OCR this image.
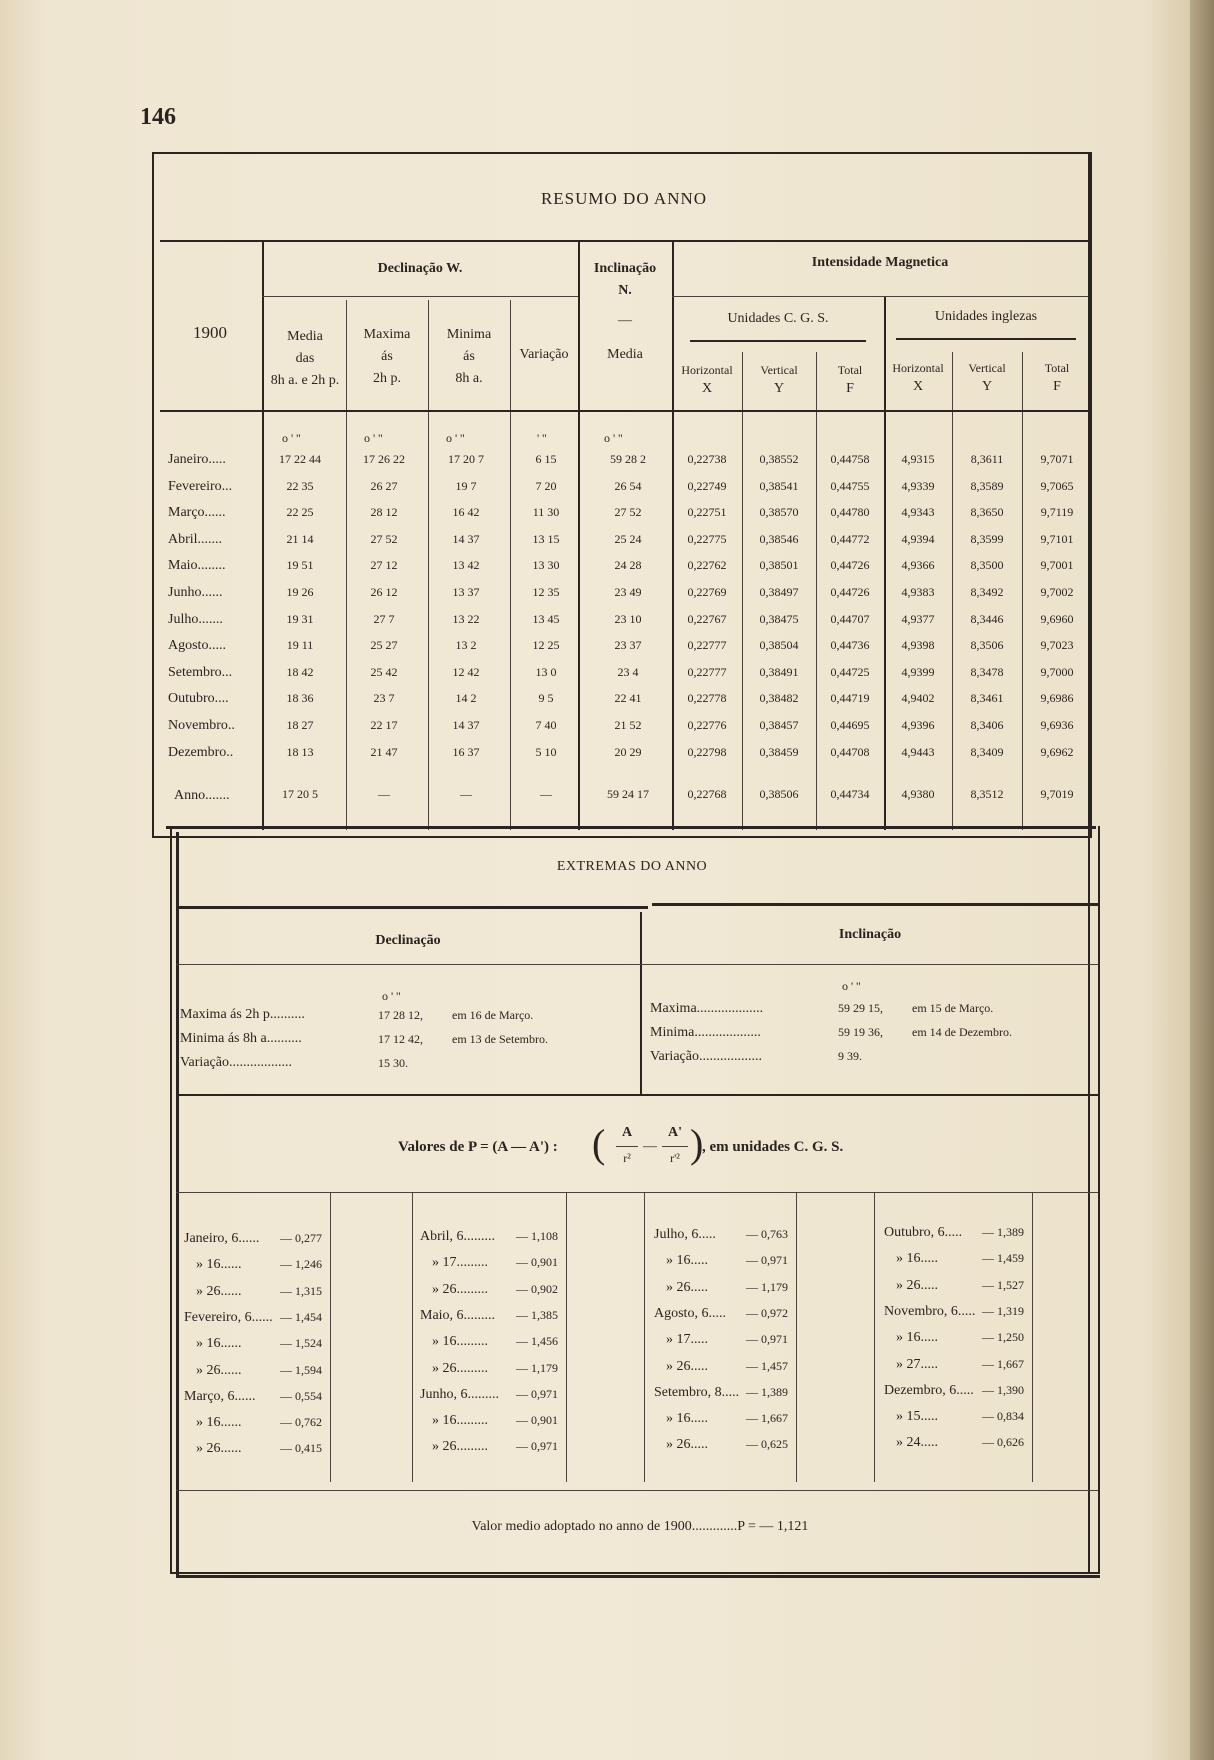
146
RESUMO DO ANNO
1900
Declinação W.	Inclinação
N.
—
Intensidade Magnetica
Unidades C. G. S.	Unidades inglezas
Media
das
8h a. e 2h p.
Maxima
ás
2h p.
Minima
ás
8h a.
Variação	Media
Horizontal
X
Vertical
Y
Total
F
Horizontal
X
Vertical
Y
Total
F
o ' ''	o ' ''	o ' ''	' ''	o ' ''
Janeiro.....	17 22 44	17 26 22	17 20 7	6 15	59 28 2	0,22738	0,38552	0,44758	4,9315	8,3611	9,7071
Fevereiro...	22 35	26 27	19 7	7 20	26 54	0,22749	0,38541	0,44755	4,9339	8,3589	9,7065
Março......	22 25	28 12	16 42	11 30	27 52	0,22751	0,38570	0,44780	4,9343	8,3650	9,7119
Abril.......	21 14	27 52	14 37	13 15	25 24	0,22775	0,38546	0,44772	4,9394	8,3599	9,7101
Maio........	19 51	27 12	13 42	13 30	24 28	0,22762	0,38501	0,44726	4,9366	8,3500	9,7001
Junho......	19 26	26 12	13 37	12 35	23 49	0,22769	0,38497	0,44726	4,9383	8,3492	9,7002
Julho.......	19 31	27 7	13 22	13 45	23 10	0,22767	0,38475	0,44707	4,9377	8,3446	9,6960
Agosto.....	19 11	25 27	13 2	12 25	23 37	0,22777	0,38504	0,44736	4,9398	8,3506	9,7023
Setembro...	18 42	25 42	12 42	13 0	23 4	0,22777	0,38491	0,44725	4,9399	8,3478	9,7000
Outubro....	18 36	23 7	14 2	9 5	22 41	0,22778	0,38482	0,44719	4,9402	8,3461	9,6986
Novembro..	18 27	22 17	14 37	7 40	21 52	0,22776	0,38457	0,44695	4,9396	8,3406	9,6936
Dezembro..	18 13	21 47	16 37	5 10	20 29	0,22798	0,38459	0,44708	4,9443	8,3409	9,6962
Anno.......	17 20 5	—	—	—	59 24 17	0,22768	0,38506	0,44734	4,9380	8,3512	9,7019
EXTREMAS DO ANNO
Declinação	Inclinação
o ' ''
o ' ''
Maxima ás 2h p..........	17 28 12, em 16 de Março.
Minima ás 8h a..........	17 12 42, em 13 de Setembro.
Variação..................	15 30.
Maxima...................	59 29 15, em 15 de Março.
Minima...................	59 19 36, em 14 de Dezembro.
Variação..................	9 39.
Valores de P = (A — A') : ( A
r²
—
A'
r'² )
, em unidades C. G. S.
Janeiro, 6...... — 0,277
» 16......	— 1,246
» 26......	— 1,315
Fevereiro, 6...... — 1,454
» 16......	— 1,524
» 26......	— 1,594
Março, 6...... — 0,554
» 16......	— 0,762
» 26......	— 0,415
Abril, 6......... — 1,108
» 17......... — 0,901
» 26......... — 0,902
Maio, 6......... — 1,385
» 16......... — 1,456
» 26......... — 1,179
Junho, 6......... — 0,971
» 16......... — 0,901
» 26......... — 0,971
Julho, 6.....	— 0,763
» 16.....	— 0,971
» 26.....	— 1,179
Agosto, 6..... — 0,972
» 17.....	— 0,971
» 26.....	— 1,457
Setembro, 8..... — 1,389
» 16.....	— 1,667
» 26.....	— 0,625
Outubro, 6..... — 1,389
» 16.....	— 1,459
» 26.....	— 1,527
Novembro, 6..... — 1,319
» 16.....	— 1,250
» 27.....	— 1,667
Dezembro, 6..... — 1,390
» 15.....	— 0,834
» 24.....	— 0,626
Valor medio adoptado no anno de 1900.............P = — 1,121
